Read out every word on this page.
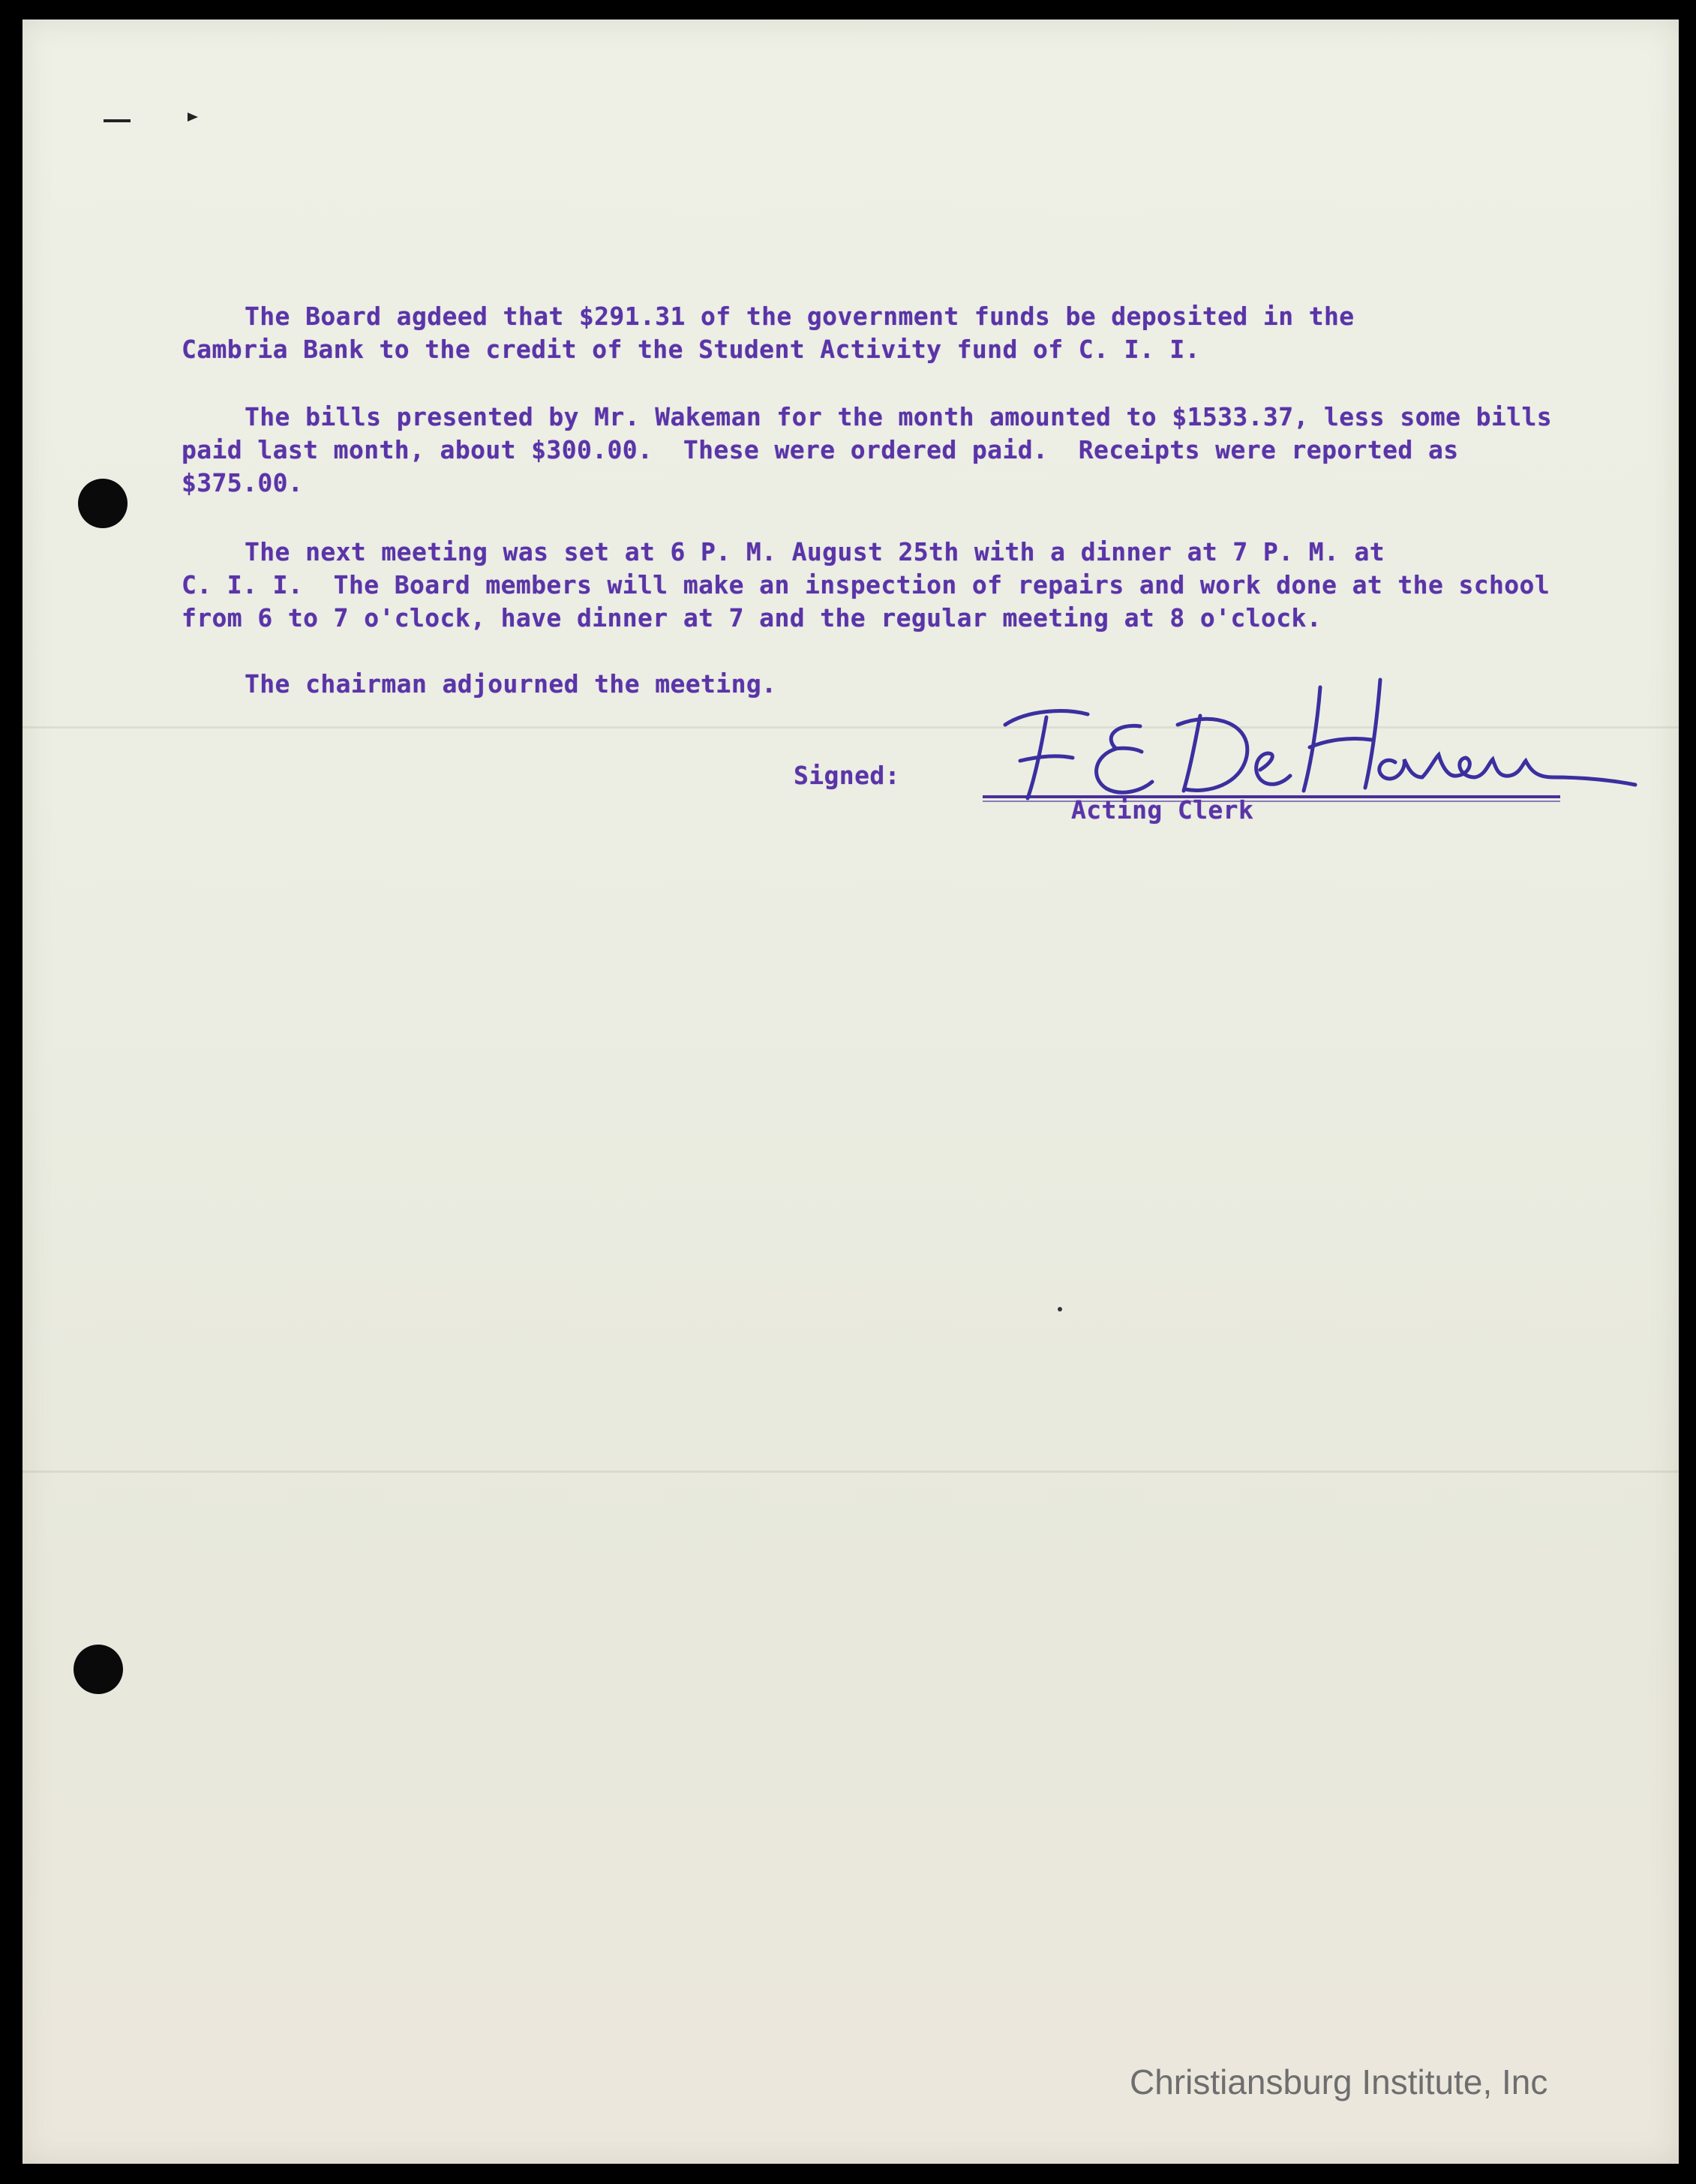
The Board agdeed that $291.31 of the government funds be deposited in the
Cambria Bank to the credit of the Student Activity fund of C. I. I.
The bills presented by Mr. Wakeman for the month amounted to $1533.37, less some bills
paid last month, about $300.00.  These were ordered paid.  Receipts were reported as
$375.00.
The next meeting was set at 6 P. M. August 25th with a dinner at 7 P. M. at
C. I. I.  The Board members will make an inspection of repairs and work done at the school
from 6 to 7 o'clock, have dinner at 7 and the regular meeting at 8 o'clock.
The chairman adjourned the meeting.
Signed:
Acting Clerk
Christiansburg Institute, Inc
